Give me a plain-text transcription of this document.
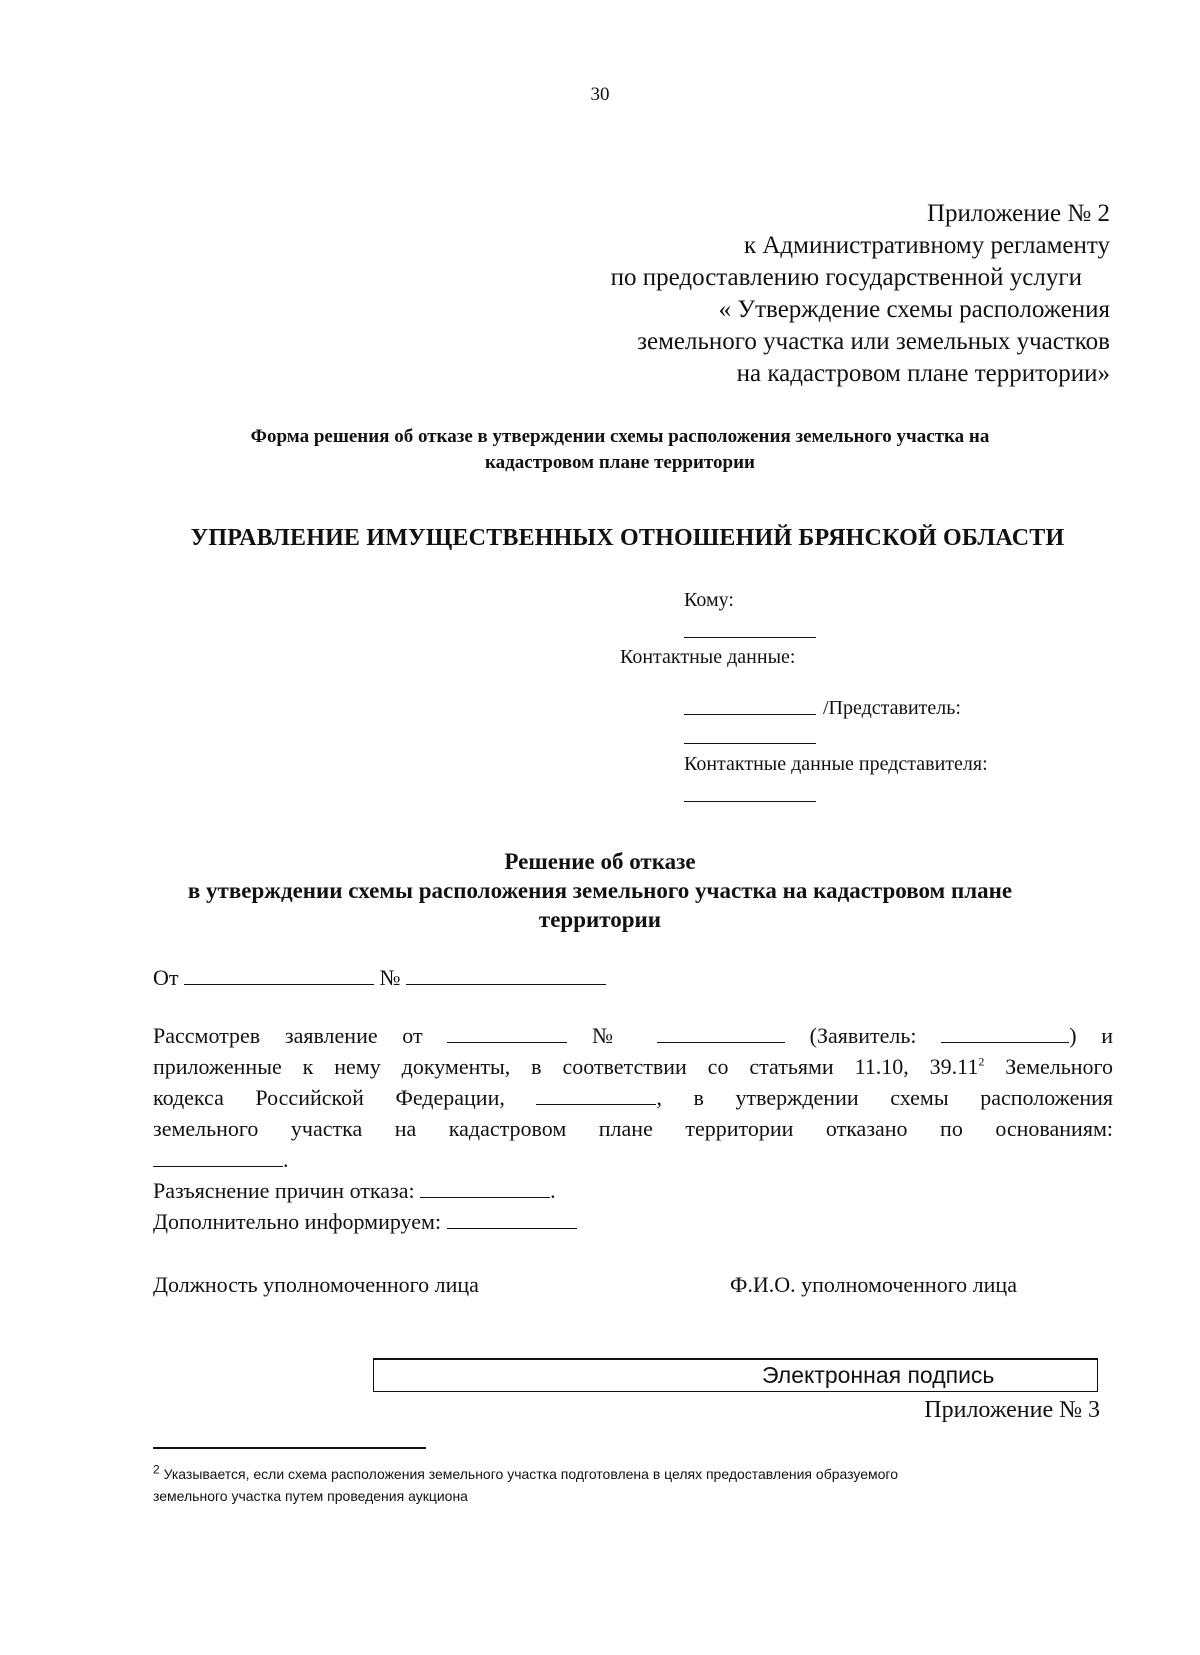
30
Приложение № 2
к Административному регламенту
по предоставлению государственной услуги
« Утверждение схемы расположения
земельного участка или земельных участков
на кадастровом плане территории»
Форма решения об отказе в утверждении схемы расположения земельного участка на
кадастровом плане территории
УПРАВЛЕНИЕ ИМУЩЕСТВЕННЫХ ОТНОШЕНИЙ БРЯНСКОЙ ОБЛАСТИ
Кому:
Контактные данные:
/Представитель:
Контактные данные представителя:
Решение об отказе
в утверждении схемы расположения земельного участка на кадастровом плане
территории
От	№
Рассмотрев заявление от	№	(Заявитель:	) и
приложенные к нему документы, в соответствии со статьями 11.10, 39.11$^2$ Земельного
кодекса Российской Федерации,	, в утверждении схемы расположения
земельного участка на кадастровом плане территории отказано по основаниям:
.
Разъяснение причин отказа:	.
Дополнительно информируем:
Должность уполномоченного лица	Ф.И.О. уполномоченного лица
Электронная подпись
Приложение № 3
$^2$ Указывается, если схема расположения земельного участка подготовлена в целях предоставления образуемого
земельного участка путем проведения аукциона
